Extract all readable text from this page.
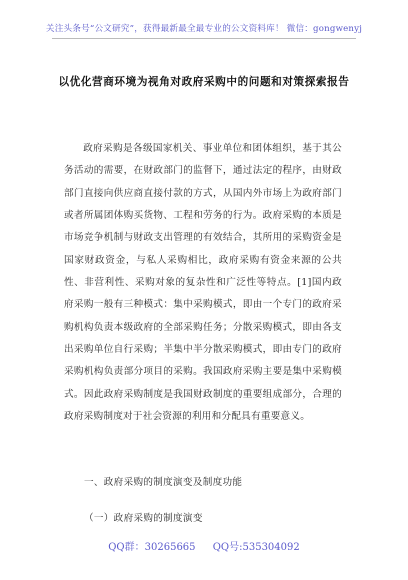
关注头条号“公文研究”，获得最新最全最专业的公文资料库！ 微信：gongwenyj
以优化营商环境为视角对政府采购中的问题和对策探索报告
政府采购是各级国家机关、事业单位和团体组织，基于其公务活动的需要，在财政部门的监督下，通过法定的程序，由财政部门直接向供应商直接付款的方式，从国内外市场上为政府部门或者所属团体购买货物、工程和劳务的行为。政府采购的本质是市场竞争机制与财政支出管理的有效结合，其所用的采购资金是国家财政资金，与私人采购相比，政府采购有资金来源的公共性、非营利性、采购对象的复杂性和广泛性等特点。[1]国内政府采购一般有三种模式：集中采购模式，即由一个专门的政府采购机构负责本级政府的全部采购任务；分散采购模式，即由各支出采购单位自行采购；半集中半分散采购模式，即由专门的政府采购机构负责部分项目的采购。我国政府采购主要是集中采购模式。因此政府采购制度是我国财政制度的重要组成部分，合理的政府采购制度对于社会资源的利用和分配具有重要意义。
一、政府采购的制度演变及制度功能
（一）政府采购的制度演变
QQ群：30265665 QQ号:535304092
